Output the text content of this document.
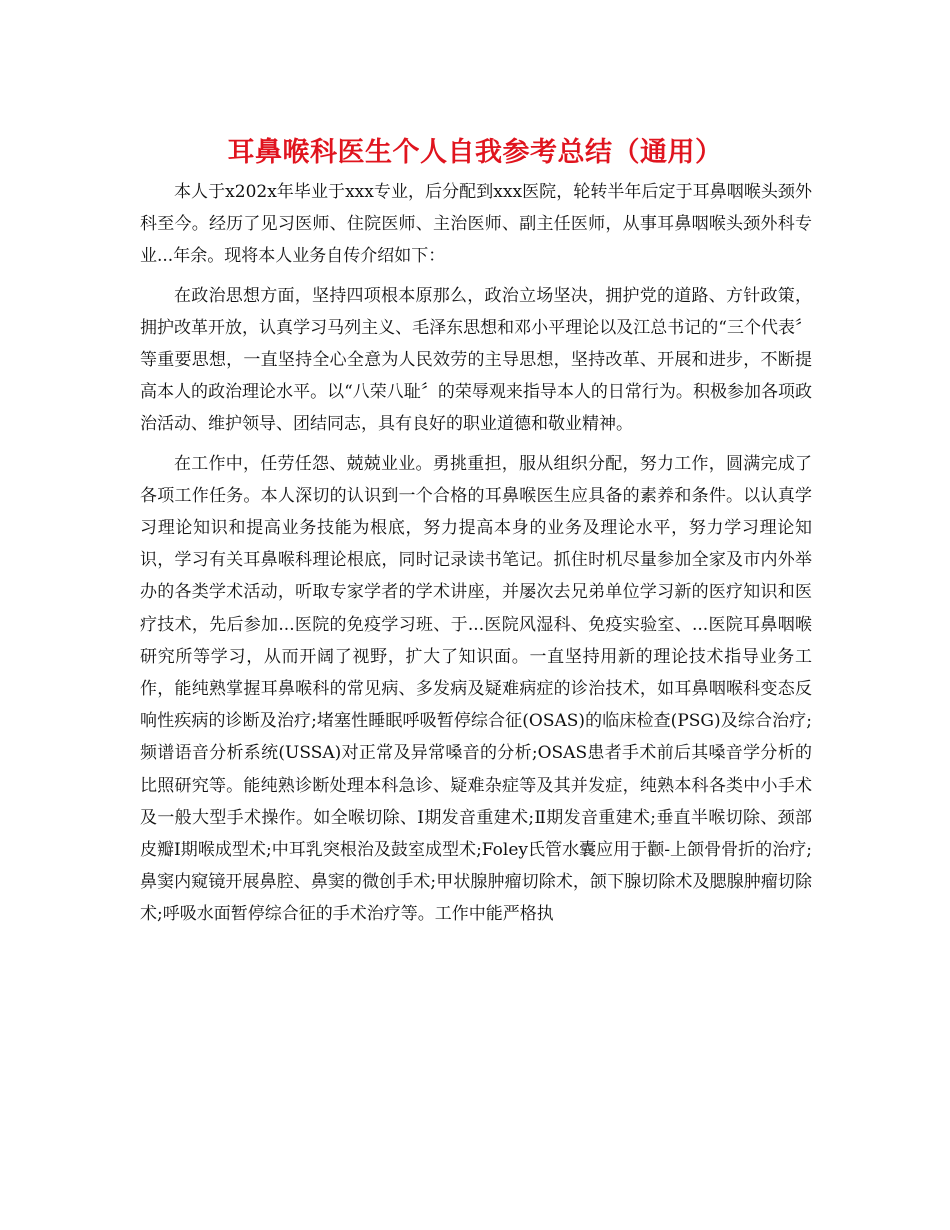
耳鼻喉科医生个人自我参考总结（通用）

本人于x202x年毕业于xxx专业，后分配到xxx医院，轮转半年后定于耳鼻咽喉头颈外科至今。经历了见习医师、住院医师、主治医师、副主任医师，从事耳鼻咽喉头颈外科专业...年余。现将本人业务自传介绍如下：

在政治思想方面，坚持四项根本原那么，政治立场坚决，拥护党的道路、方针政策，拥护改革开放，认真学习马列主义、毛泽东思想和邓小平理论以及江总书记的“三个代表〞等重要思想，一直坚持全心全意为人民效劳的主导思想，坚持改革、开展和进步，不断提高本人的政治理论水平。以“八荣八耻〞的荣辱观来指导本人的日常行为。积极参加各项政治活动、维护领导、团结同志，具有良好的职业道德和敬业精神。

在工作中，任劳任怨、兢兢业业。勇挑重担，服从组织分配，努力工作，圆满完成了各项工作任务。本人深切的认识到一个合格的耳鼻喉医生应具备的素养和条件。以认真学习理论知识和提高业务技能为根底，努力提高本身的业务及理论水平，努力学习理论知识，学习有关耳鼻喉科理论根底，同时记录读书笔记。抓住时机尽量参加全家及市内外举办的各类学术活动，听取专家学者的学术讲座，并屡次去兄弟单位学习新的医疗知识和医疗技术，先后参加...医院的免疫学习班、于...医院风湿科、免疫实验室、...医院耳鼻咽喉研究所等学习，从而开阔了视野，扩大了知识面。一直坚持用新的理论技术指导业务工作，能纯熟掌握耳鼻喉科的常见病、多发病及疑难病症的诊治技术，如耳鼻咽喉科变态反响性疾病的诊断及治疗;堵塞性睡眠呼吸暂停综合征(OSAS)的临床检查(PSG)及综合治疗;频谱语音分析系统(USSA)对正常及异常嗓音的分析;OSAS患者手术前后其嗓音学分析的比照研究等。能纯熟诊断处理本科急诊、疑难杂症等及其并发症，纯熟本科各类中小手术及一般大型手术操作。如全喉切除、Ⅰ期发音重建术;Ⅱ期发音重建术;垂直半喉切除、颈部皮瓣Ⅰ期喉成型术;中耳乳突根治及鼓室成型术;Foley氏管水囊应用于颧-上颌骨骨折的治疗;鼻窦内窥镜开展鼻腔、鼻窦的微创手术;甲状腺肿瘤切除术，颌下腺切除术及腮腺肿瘤切除术;呼吸水面暂停综合征的手术治疗等。工作中能严格执
